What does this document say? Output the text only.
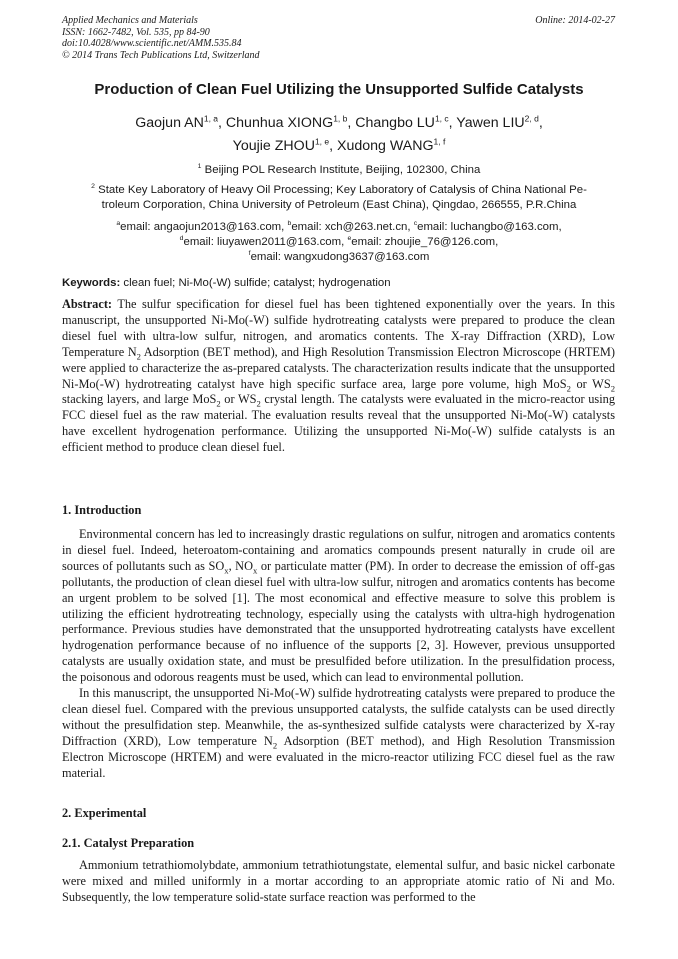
Applied Mechanics and Materials
ISSN: 1662-7482, Vol. 535, pp 84-90
doi:10.4028/www.scientific.net/AMM.535.84
© 2014 Trans Tech Publications Ltd, Switzerland
Online: 2014-02-27
Production of Clean Fuel Utilizing the Unsupported Sulfide Catalysts
Gaojun AN$^{1, a}$, Chunhua XIONG$^{1, b}$, Changbo LU$^{1, c}$, Yawen LIU$^{2, d}$,
Youjie ZHOU$^{1, e}$, Xudong WANG$^{1, f}$
$^1$ Beijing POL Research Institute, Beijing, 102300, China
$^2$ State Key Laboratory of Heavy Oil Processing; Key Laboratory of Catalysis of China National Pe-
troleum Corporation, China University of Petroleum (East China), Qingdao, 266555, P.R.China
$^a$email: angaojun2013@163.com, $^b$email: xch@263.net.cn, $^c$email: luchangbo@163.com,
$^d$email: liuyawen2011@163.com, $^e$email: zhoujie_76@126.com,
$^f$email: wangxudong3637@163.com
Keywords: clean fuel; Ni-Mo(-W) sulfide; catalyst; hydrogenation

Abstract: The sulfur specification for diesel fuel has been tightened exponentially over the years. In this manuscript, the unsupported Ni-Mo(-W) sulfide hydrotreating catalysts were prepared to produce the clean diesel fuel with ultra-low sulfur, nitrogen, and aromatics contents. The X-ray Diffraction (XRD), Low Temperature $N_2$ Adsorption (BET method), and High Resolution Transmission Electron Microscope (HRTEM) were applied to characterize the as-prepared catalysts. The characterization results indicate that the unsupported Ni-Mo(-W) hydrotreating catalyst have high specific surface area, large pore volume, high MoS$_2$ or $WS_2$ stacking layers, and large MoS$_2$ or $WS_2$ crystal length. The catalysts were evaluated in the micro-reactor using FCC diesel fuel as the raw material. The evaluation results reveal that the unsupported Ni-Mo(-W) catalysts have excellent hydrogenation performance. Utilizing the unsupported Ni-Mo(-W) sulfide catalysts is an efficient method to produce clean diesel fuel.

1. Introduction

Environmental concern has led to increasingly drastic regulations on sulfur, nitrogen and aromatics contents in diesel fuel. Indeed, heteroatom-containing and aromatics compounds present naturally in crude oil are sources of pollutants such as $SO_x$, $NO_x$ or particulate matter (PM). In order to decrease the emission of off-gas pollutants, the production of clean diesel fuel with ultra-low sulfur, nitrogen and aromatics contents has become an urgent problem to be solved [1]. The most economical and effective measure to solve this problem is utilizing the efficient hydrotreating technology, especially using the catalysts with ultra-high hydrogenation performance. Previous studies have demonstrated that the unsupported hydrotreating catalysts have excellent hydrogenation performance because of no influence of the supports [2, 3]. However, previous unsupported catalysts are usually oxidation state, and must be presulfided before utilization. In the presulfidation process, the poisonous and odorous reagents must be used, which can lead to environmental pollution.

In this manuscript, the unsupported Ni-Mo(-W) sulfide hydrotreating catalysts were prepared to produce the clean diesel fuel. Compared with the previous unsupported catalysts, the sulfide catalysts can be used directly without the presulfidation step. Meanwhile, the as-synthesized sulfide catalysts were characterized by X-ray Diffraction (XRD), Low temperature $N_2$ Adsorption (BET method), and High Resolution Transmission Electron Microscope (HRTEM) and were evaluated in the micro-reactor utilizing FCC diesel fuel as the raw material.

2. Experimental
2.1. Catalyst Preparation

Ammonium tetrathiomolybdate, ammonium tetrathiotungstate, elemental sulfur, and basic nickel carbonate were mixed and milled uniformly in a mortar according to an appropriate atomic ratio of Ni and Mo. Subsequently, the low temperature solid-state surface reaction was performed to the
